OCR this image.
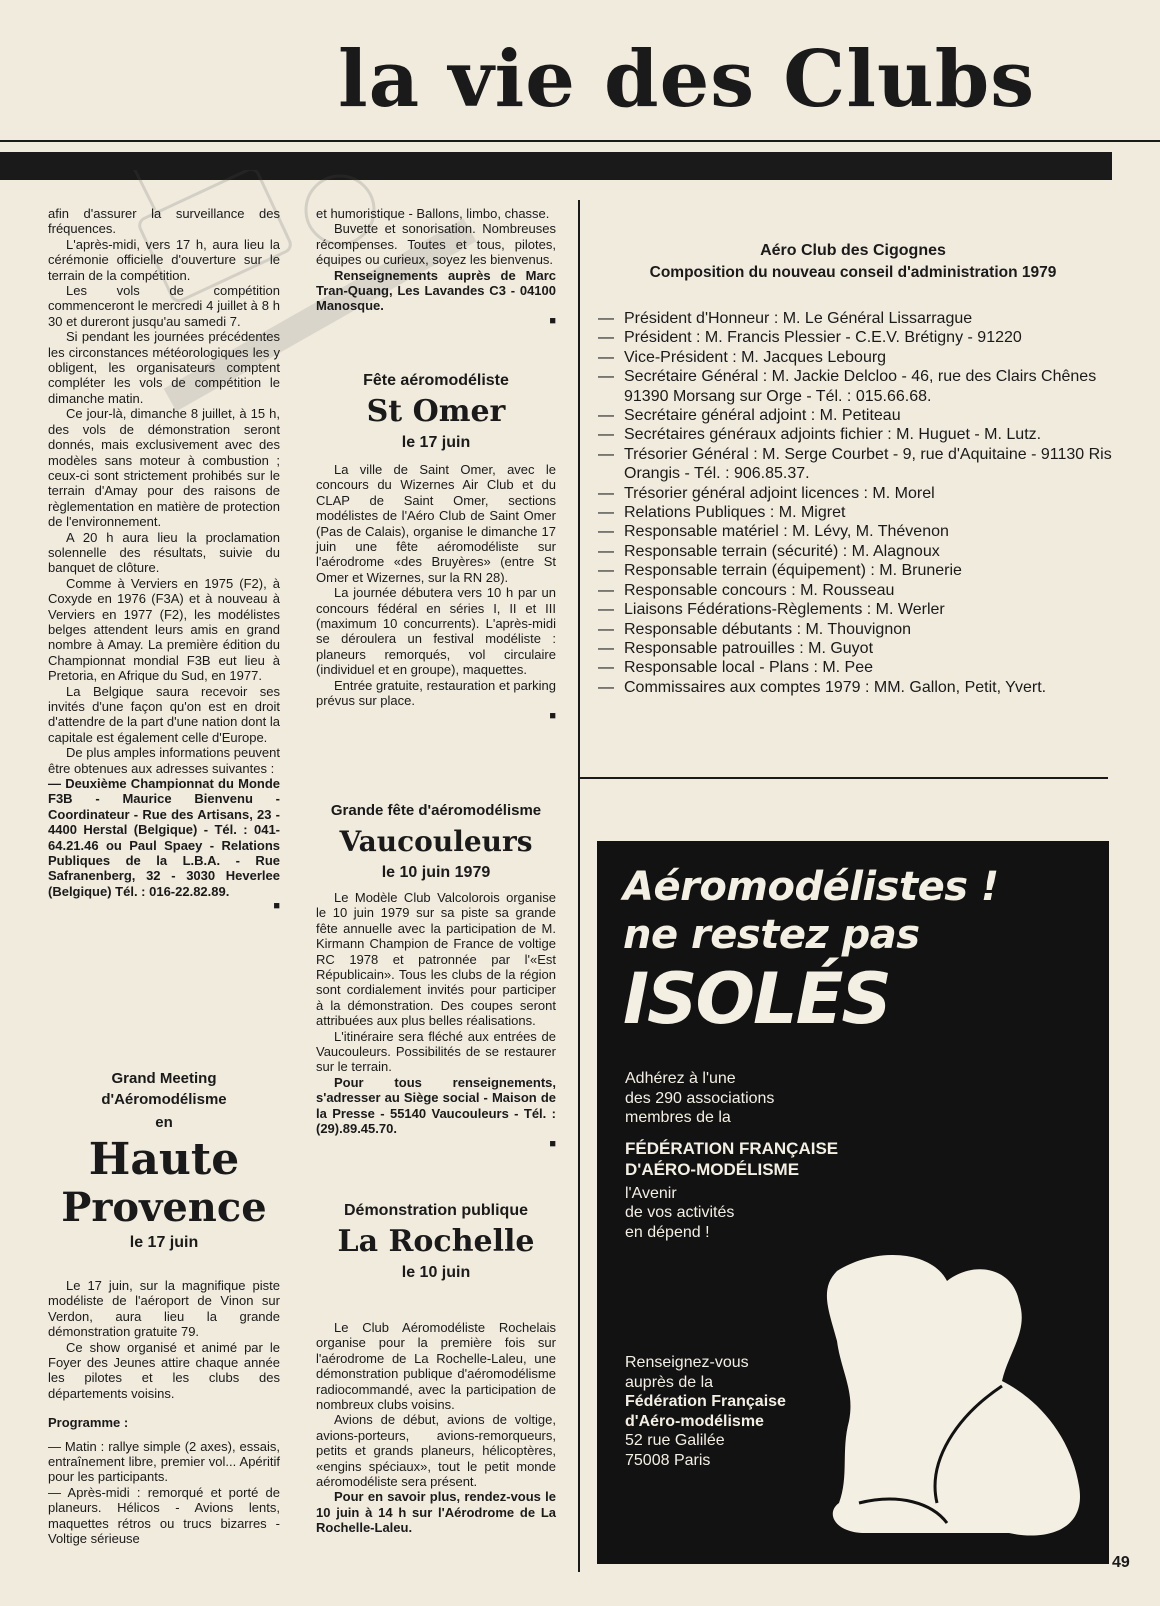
la vie des Clubs

afin d'assurer la surveillance des fréquences.

L'après-midi, vers 17 h, aura lieu la cérémonie officielle d'ouverture sur le terrain de la compétition.

Les vols de compétition commenceront le mercredi 4 juillet à 8 h 30 et dureront jusqu'au samedi 7.

Si pendant les journées précédentes les circonstances météorologiques les y obligent, les organisateurs comptent compléter les vols de compétition le dimanche matin.

Ce jour-là, dimanche 8 juillet, à 15 h, des vols de démonstration seront donnés, mais exclusivement avec des modèles sans moteur à combustion ; ceux-ci sont strictement prohibés sur le terrain d'Amay pour des raisons de règlementation en matière de protection de l'environnement.

A 20 h aura lieu la proclamation solennelle des résultats, suivie du banquet de clôture.

Comme à Verviers en 1975 (F2), à Coxyde en 1976 (F3A) et à nouveau à Verviers en 1977 (F2), les modélistes belges attendent leurs amis en grand nombre à Amay. La première édition du Championnat mondial F3B eut lieu à Pretoria, en Afrique du Sud, en 1977.

La Belgique saura recevoir ses invités d'une façon qu'on est en droit d'attendre de la part d'une nation dont la capitale est également celle d'Europe.

De plus amples informations peuvent être obtenues aux adresses suivantes :

— Deuxième Championnat du Monde F3B - Maurice Bienvenu - Coordinateur - Rue des Artisans, 23 - 4400 Herstal (Belgique) - Tél. : 041-64.21.46 ou Paul Spaey - Relations Publiques de la L.B.A. - Rue Safranenberg, 32 - 3030 Heverlee (Belgique) Tél. : 016-22.82.89.

■
Grand Meeting
d'Aéromodélisme
en
Haute
Provence
le 17 juin

Le 17 juin, sur la magnifique piste modéliste de l'aéroport de Vinon sur Verdon, aura lieu la grande démonstration gratuite 79.

Ce show organisé et animé par le Foyer des Jeunes attire chaque année les pilotes et les clubs des départements voisins.

Programme :

— Matin : rallye simple (2 axes), essais, entraînement libre, premier vol... Apéritif pour les participants.

— Après-midi : remorqué et porté de planeurs. Hélicos - Avions lents, maquettes rétros ou trucs bizarres - Voltige sérieuse

et humoristique - Ballons, limbo, chasse.

Buvette et sonorisation. Nombreuses récompenses. Toutes et tous, pilotes, équipes ou curieux, soyez les bienvenus.

Renseignements auprès de Marc Tran-Quang, Les Lavandes C3 - 04100 Manosque.

■
Fête aéromodéliste
St Omer
le 17 juin

La ville de Saint Omer, avec le concours du Wizernes Air Club et du CLAP de Saint Omer, sections modélistes de l'Aéro Club de Saint Omer (Pas de Calais), organise le dimanche 17 juin une fête aéromodéliste sur l'aérodrome «des Bruyères» (entre St Omer et Wizernes, sur la RN 28).

La journée débutera vers 10 h par un concours fédéral en séries I, II et III (maximum 10 concurrents). L'après-midi se déroulera un festival modéliste : planeurs remorqués, vol circulaire (individuel et en groupe), maquettes.

Entrée gratuite, restauration et parking prévus sur place.

■
Grande fête d'aéromodélisme
Vaucouleurs
le 10 juin 1979

Le Modèle Club Valcolorois organise le 10 juin 1979 sur sa piste sa grande fête annuelle avec la participation de M. Kirmann Champion de France de voltige RC 1978 et patronnée par l'«Est Républicain». Tous les clubs de la région sont cordialement invités pour participer à la démonstration. Des coupes seront attribuées aux plus belles réalisations.

L'itinéraire sera fléché aux entrées de Vaucouleurs. Possibilités de se restaurer sur le terrain.

Pour tous renseignements, s'adresser au Siège social - Maison de la Presse - 55140 Vaucouleurs - Tél. : (29).89.45.70.

■
Démonstration publique
La Rochelle
le 10 juin

Le Club Aéromodéliste Rochelais organise pour la première fois sur l'aérodrome de La Rochelle-Laleu, une démonstration publique d'aéromodélisme radiocommandé, avec la participation de nombreux clubs voisins.

Avions de début, avions de voltige, avions-porteurs, avions-remorqueurs, petits et grands planeurs, hélicoptères, «engins spéciaux», tout le petit monde aéromodéliste sera présent.

Pour en savoir plus, rendez-vous le 10 juin à 14 h sur l'Aérodrome de La Rochelle-Laleu.

Aéro Club des Cigognes
Composition du nouveau conseil d'administration 1979
— Président d'Honneur : M. Le Général Lissarrague
— Président : M. Francis Plessier - C.E.V. Brétigny - 91220
— Vice-Président : M. Jacques Lebourg
— Secrétaire Général : M. Jackie Delcloo - 46, rue des Clairs Chênes 91390 Morsang sur Orge - Tél. : 015.66.68.
— Secrétaire général adjoint : M. Petiteau
— Secrétaires généraux adjoints fichier : M. Huguet - M. Lutz.
— Trésorier Général : M. Serge Courbet - 9, rue d'Aquitaine - 91130 Ris Orangis - Tél. : 906.85.37.
— Trésorier général adjoint licences : M. Morel
— Relations Publiques : M. Migret
— Responsable matériel : M. Lévy, M. Thévenon
— Responsable terrain (sécurité) : M. Alagnoux
— Responsable terrain (équipement) : M. Brunerie
— Responsable concours : M. Rousseau
— Liaisons Fédérations-Règlements : M. Werler
— Responsable débutants : M. Thouvignon
— Responsable patrouilles : M. Guyot
— Responsable local - Plans : M. Pee
— Commissaires aux comptes 1979 : MM. Gallon, Petit, Yvert.
Aéromodélistes !
ne restez pas
ISOLÉS
Adhérez à l'une
des 290 associations
membres de la
FÉDÉRATION FRANÇAISE
D'AÉRO-MODÉLISME
l'Avenir
de vos activités
en dépend !
Renseignez-vous
auprès de la
Fédération Française
d'Aéro-modélisme
52 rue Galilée
75008 Paris
49
